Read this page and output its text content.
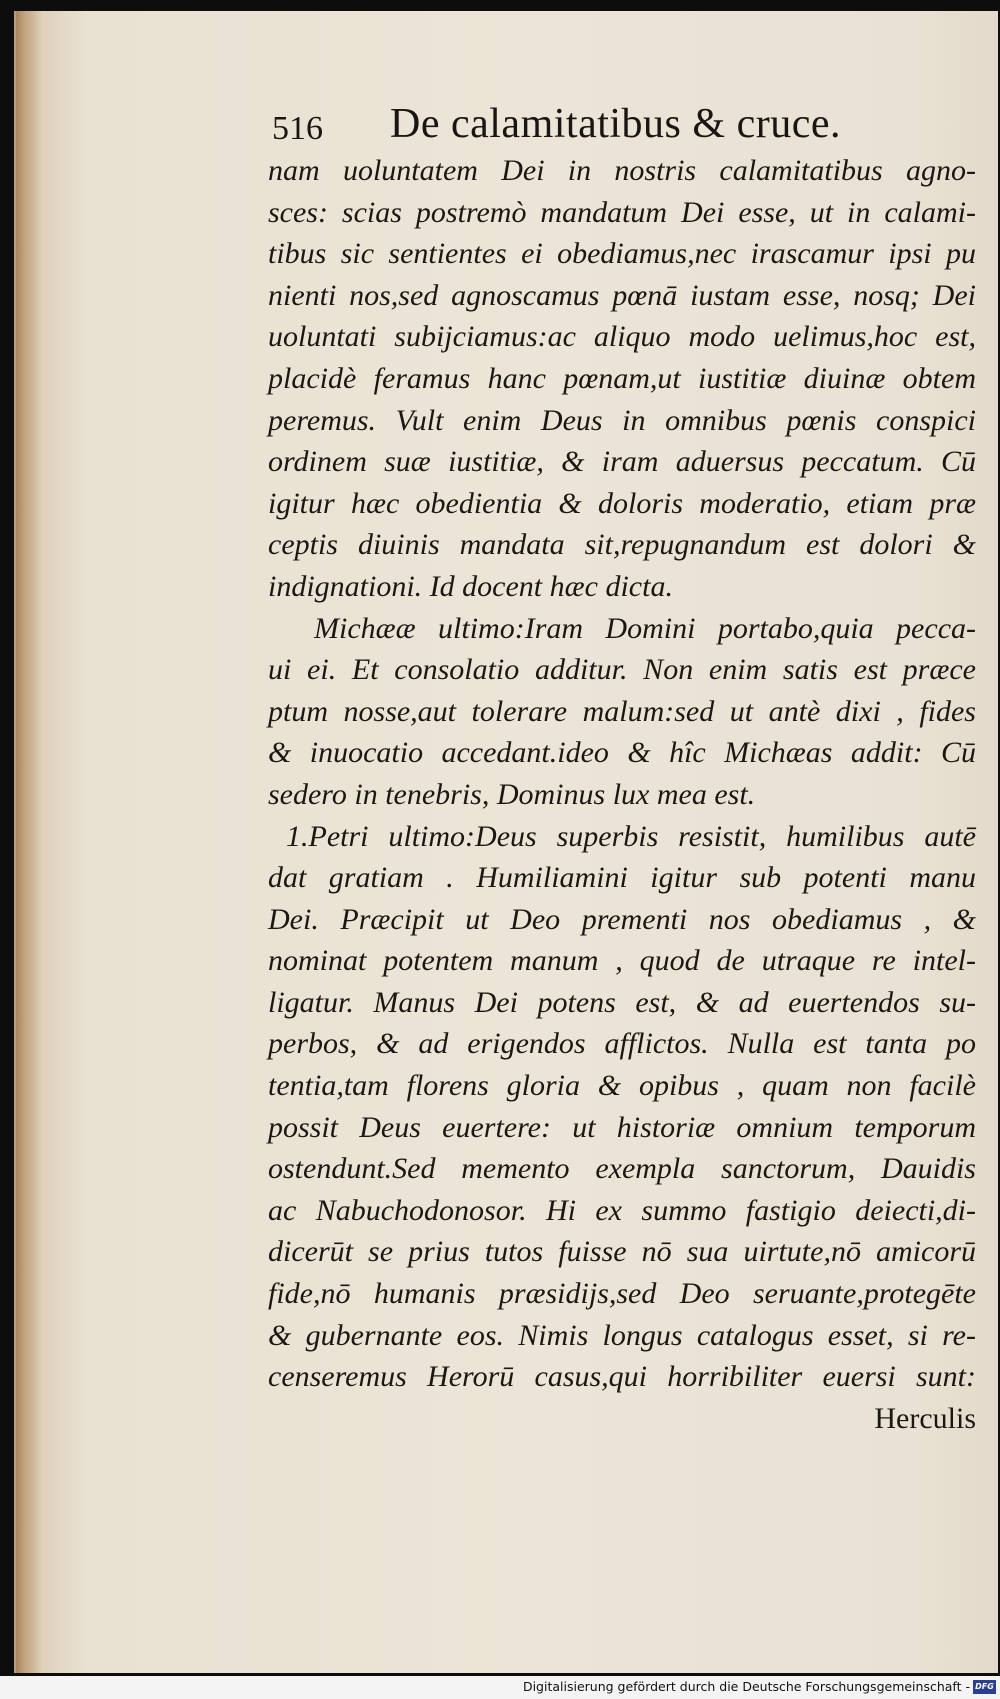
516 De calamitatibus & cruce.
nam uoluntatem Dei in nostris calamitatibus agno-
sces: scias postremò mandatum Dei esse, ut in calami-
tibus sic sentientes ei obediamus,nec irascamur ipsi pu
nienti nos,sed agnoscamus pœnā iustam esse, nosq; Dei
uoluntati subijciamus:ac aliquo modo uelimus,hoc est,
placidè feramus hanc pœnam,ut iustitiæ diuinæ obtem
peremus. Vult enim Deus in omnibus pœnis conspici
ordinem suæ iustitiæ, & iram aduersus peccatum. Cū
igitur hæc obedientia & doloris moderatio, etiam præ
ceptis diuinis mandata sit,repugnandum est dolori &
indignationi. Id docent hæc dicta.
Michææ ultimo:Iram Domini portabo,quia pecca-
ui ei. Et consolatio additur. Non enim satis est præce
ptum nosse,aut tolerare malum:sed ut antè dixi , fides
& inuocatio accedant.ideo & hîc Michæas addit: Cū
sedero in tenebris, Dominus lux mea est.
1.Petri ultimo:Deus superbis resistit, humilibus autē
dat gratiam . Humiliamini igitur sub potenti manu
Dei. Præcipit ut Deo prementi nos obediamus , &
nominat potentem manum , quod de utraque re intel-
ligatur. Manus Dei potens est, & ad euertendos su-
perbos, & ad erigendos afflictos. Nulla est tanta po
tentia,tam florens gloria & opibus , quam non facilè
possit Deus euertere: ut historiæ omnium temporum
ostendunt.Sed memento exempla sanctorum, Dauidis
ac Nabuchodonosor. Hi ex summo fastigio deiecti,di-
dicerūt se prius tutos fuisse nō sua uirtute,nō amicorū
fide,nō humanis præsidijs,sed Deo seruante,protegēte
& gubernante eos. Nimis longus catalogus esset, si re-
censeremus Herorū casus,qui horribiliter euersi sunt:
Herculis
Digitalisierung gefördert durch die Deutsche Forschungsgemeinschaft - DFG
